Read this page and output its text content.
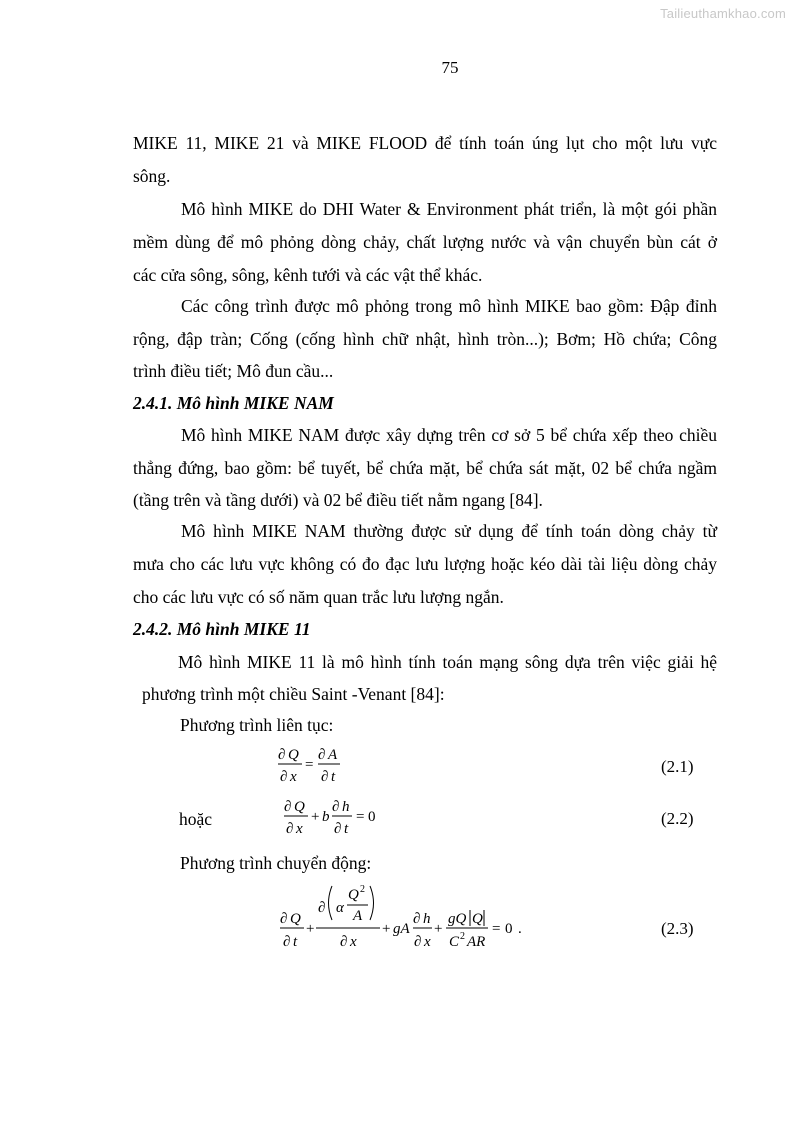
Tailieuthamkhao.com
75
MIKE 11, MIKE 21 và MIKE FLOOD để tính toán úng lụt cho một lưu vực
sông.
Mô hình MIKE do DHI Water & Environment phát triển, là một gói phần
mềm dùng để mô phỏng dòng chảy, chất lượng nước và vận chuyển bùn cát ở
các cửa sông, sông, kênh tưới và các vật thể khác.
Các công trình được mô phỏng trong mô hình MIKE bao gồm: Đập đỉnh
rộng, đập tràn; Cống (cống hình chữ nhật, hình tròn...); Bơm; Hồ chứa; Công
trình điều tiết; Mô đun cầu...
2.4.1. Mô hình MIKE NAM
Mô hình MIKE NAM được xây dựng trên cơ sở 5 bể chứa xếp theo chiều
thẳng đứng, bao gồm: bể tuyết, bể chứa mặt, bể chứa sát mặt, 02 bể chứa ngầm
(tầng trên và tầng dưới) và 02 bể điều tiết nằm ngang [84].
Mô hình MIKE NAM thường được sử dụng để tính toán dòng chảy từ
mưa cho các lưu vực không có đo đạc lưu lượng hoặc kéo dài tài liệu dòng chảy
cho các lưu vực có số năm quan trắc lưu lượng ngắn.
2.4.2. Mô hình MIKE 11
Mô hình MIKE 11 là mô hình tính toán mạng sông dựa trên việc giải hệ
phương trình một chiều Saint -Venant [84]:
Phương trình liên tục:
∂ Q
∂ x
=
∂ A
∂ t
(2.1)
hoặc
∂ Q
∂ x
+ b
∂ h
∂ t
= 0	(2.2)
Phương trình chuyển động:
∂ Q
∂ t
+
∂ α
Q 2
A
∂ x
+ gA
∂ h
∂ x
+
gQ Q
C 2 AR
= 0 .	(2.3)
